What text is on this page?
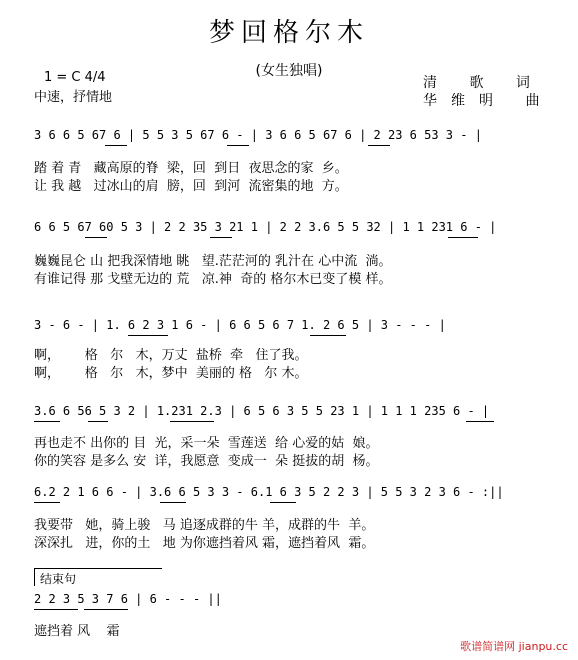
梦回格尔木
(女生独唱)
1 = C 4/4
中速，抒情地
清 歌 词
华维明 曲
3 6 6 5 67 6 | 5 5 3 5 67 6 - | 3 6 6 5 67 6 | 2 23 6 53 3 - |
踏 着 青   藏高原的脊  梁，回  到日  夜思念的家  乡。
让 我 越   过冰山的肩  膀，回  到河  流密集的地  方。
6 6 5 67 60 5 3 | 2 2 35 3 21 1 | 2 2 3.6 5 5 32 | 1 1 231 6 - |
巍巍昆仑 山 把我深情地 眺   望.茫茫河的 乳汁在 心中流  淌。
有谁记得 那 戈壁无边的 荒   凉.神  奇的 格尔木已变了模 样。
3 - 6 - | 1. 6 2 3 1 6 - | 6 6 5 6 7 1. 2 6 5 | 3 - - - |
啊，      格   尔   木，万丈  盐桥  牵   住了我。
啊，      格   尔   木，梦中  美丽的 格   尔 木。
3.6 6 56 5 3 2 | 1.231 2.3 | 6 5 6 3 5 5 23 1 | 1 1 1 235 6 - |
再也走不 出你的 目  光，采一朵  雪莲送  给 心爱的姑  娘。
你的笑容 是多么 安  详，我愿意  变成一  朵 挺拔的胡  杨。
6.2 2 1 6 6 - | 3.6 6 5 3 3 - 6.1 6 3 5 2 2 3 | 5 5 3 2 3 6 - :||
我要带   她，骑上骏   马 追逐成群的牛 羊，成群的牛  羊。
深深扎   进，你的土   地 为你遮挡着风 霜，遮挡着风  霜。
结束句
2 2 3 5 3 7 6 | 6 - - - ||
遮挡着 风    霜
歌谱简谱网 jianpu.cc
